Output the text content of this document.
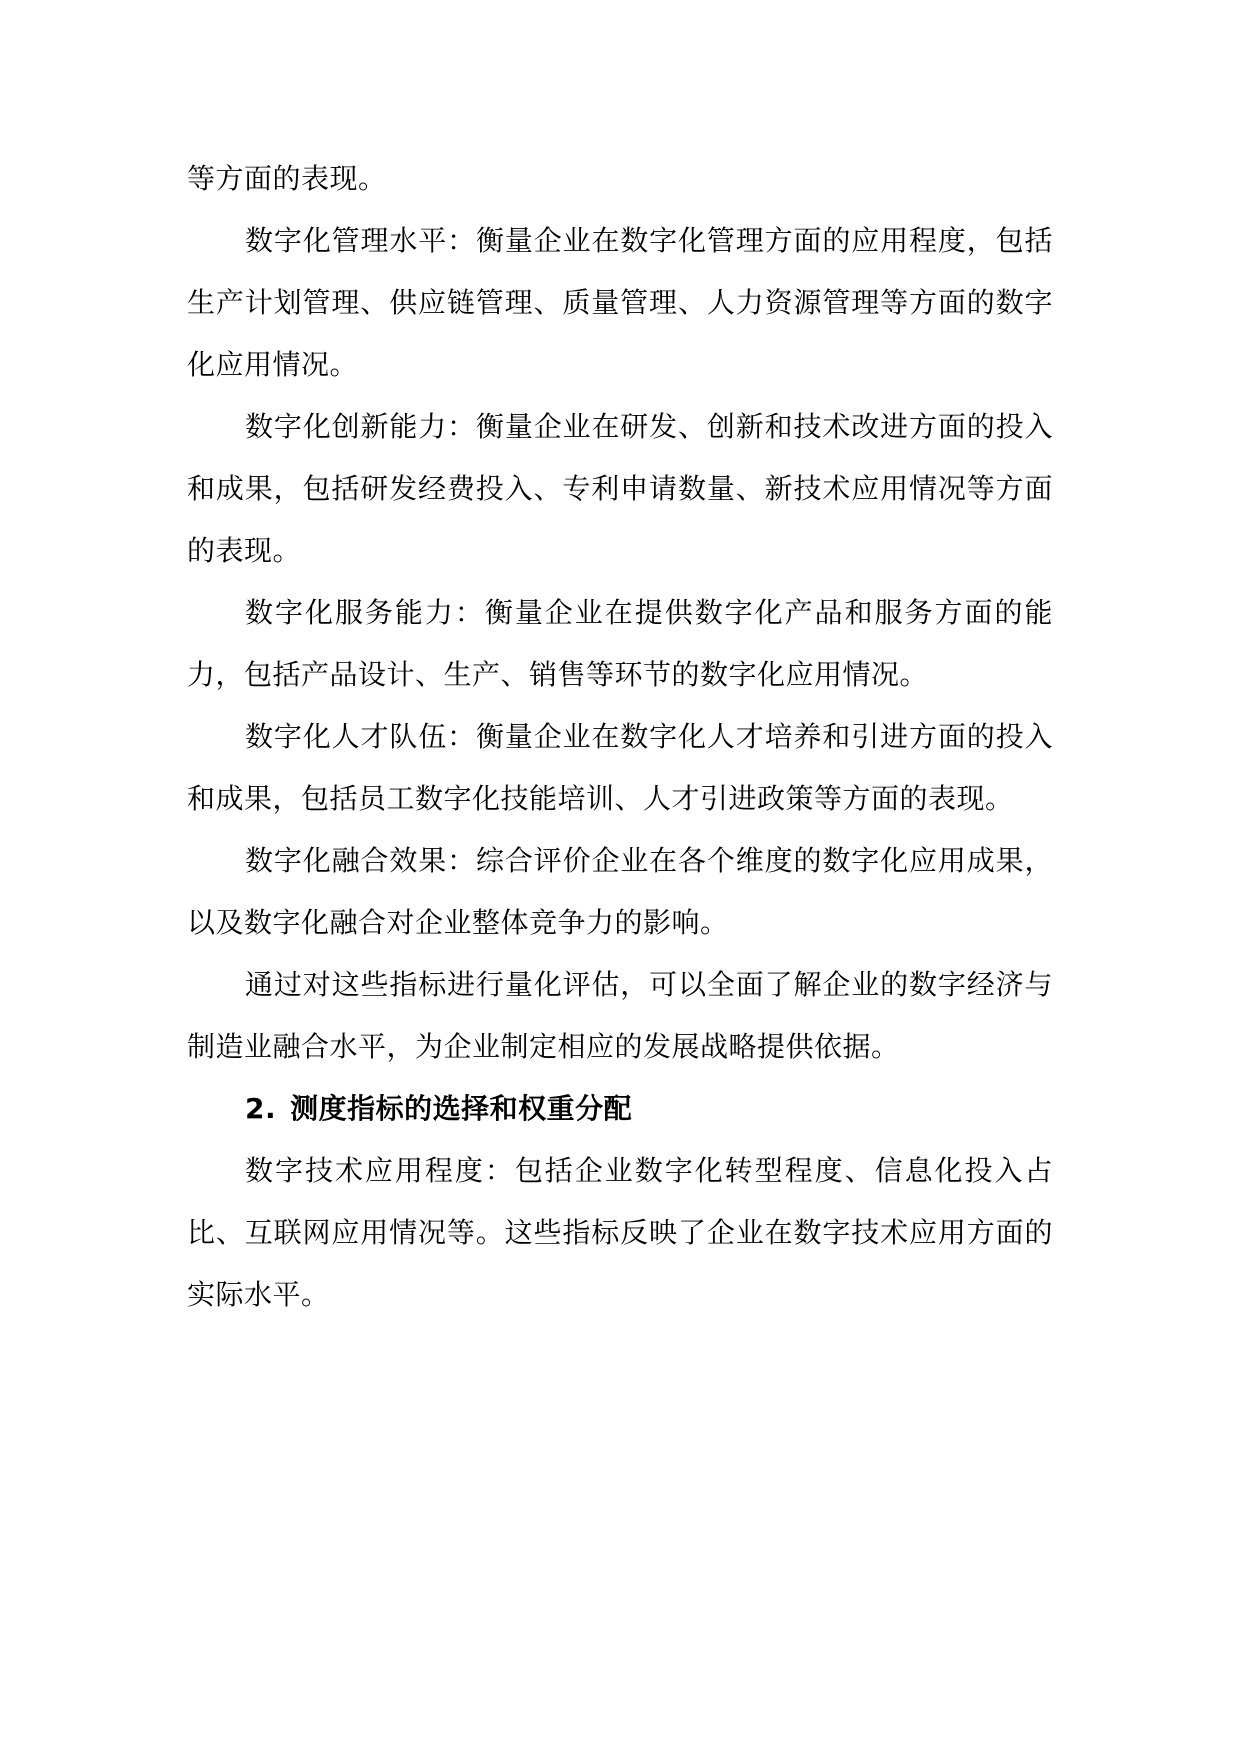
等方面的表现。

数字化管理水平：衡量企业在数字化管理方面的应用程度，包括生产计划管理、供应链管理、质量管理、人力资源管理等方面的数字化应用情况。

数字化创新能力：衡量企业在研发、创新和技术改进方面的投入和成果，包括研发经费投入、专利申请数量、新技术应用情况等方面的表现。

数字化服务能力：衡量企业在提供数字化产品和服务方面的能力，包括产品设计、生产、销售等环节的数字化应用情况。

数字化人才队伍：衡量企业在数字化人才培养和引进方面的投入和成果，包括员工数字化技能培训、人才引进政策等方面的表现。

数字化融合效果：综合评价企业在各个维度的数字化应用成果，以及数字化融合对企业整体竞争力的影响。

通过对这些指标进行量化评估，可以全面了解企业的数字经济与制造业融合水平，为企业制定相应的发展战略提供依据。

2. 测度指标的选择和权重分配

数字技术应用程度：包括企业数字化转型程度、信息化投入占比、互联网应用情况等。这些指标反映了企业在数字技术应用方面的实际水平。
